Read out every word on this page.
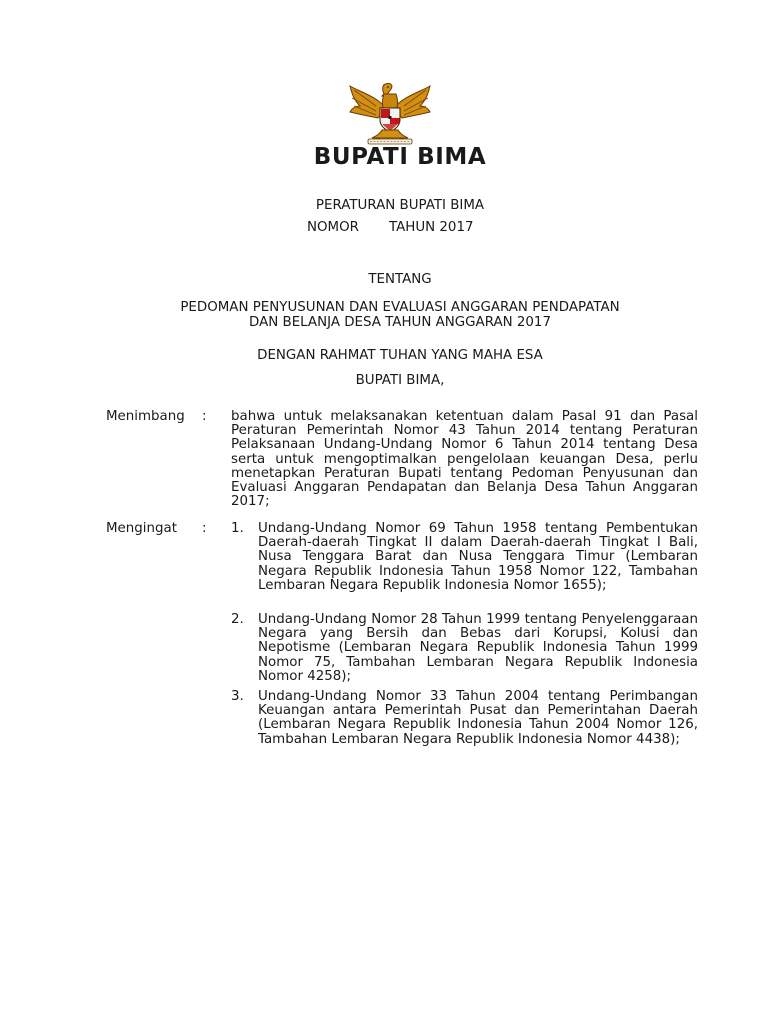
BUPATI BIMA
PERATURAN BUPATI BIMA
NOMOR TAHUN 2017
TENTANG
PEDOMAN PENYUSUNAN DAN EVALUASI ANGGARAN PENDAPATAN
DAN BELANJA DESA TAHUN ANGGARAN 2017
DENGAN RAHMAT TUHAN YANG MAHA ESA
BUPATI BIMA,
Menimbang : bahwa untuk melaksanakan ketentuan dalam Pasal 91 dan Pasal Peraturan Pemerintah Nomor 43 Tahun 2014 tentang Peraturan Pelaksanaan Undang-Undang Nomor 6 Tahun 2014 tentang Desa serta untuk mengoptimalkan pengelolaan keuangan Desa, perlu menetapkan Peraturan Bupati tentang Pedoman Penyusunan dan Evaluasi Anggaran Pendapatan dan Belanja Desa Tahun Anggaran 2017;
Mengingat : 1. Undang-Undang Nomor 69 Tahun 1958 tentang Pembentukan Daerah-daerah Tingkat II dalam Daerah-daerah Tingkat I Bali, Nusa Tenggara Barat dan Nusa Tenggara Timur (Lembaran Negara Republik Indonesia Tahun 1958 Nomor 122, Tambahan Lembaran Negara Republik Indonesia Nomor 1655);
2. Undang-Undang Nomor 28 Tahun 1999 tentang Penyelenggaraan Negara yang Bersih dan Bebas dari Korupsi, Kolusi dan Nepotisme (Lembaran Negara Republik Indonesia Tahun 1999 Nomor 75, Tambahan Lembaran Negara Republik Indonesia Nomor 4258);
3. Undang-Undang Nomor 33 Tahun 2004 tentang Perimbangan Keuangan antara Pemerintah Pusat dan Pemerintahan Daerah (Lembaran Negara Republik Indonesia Tahun 2004 Nomor 126, Tambahan Lembaran Negara Republik Indonesia Nomor 4438);
